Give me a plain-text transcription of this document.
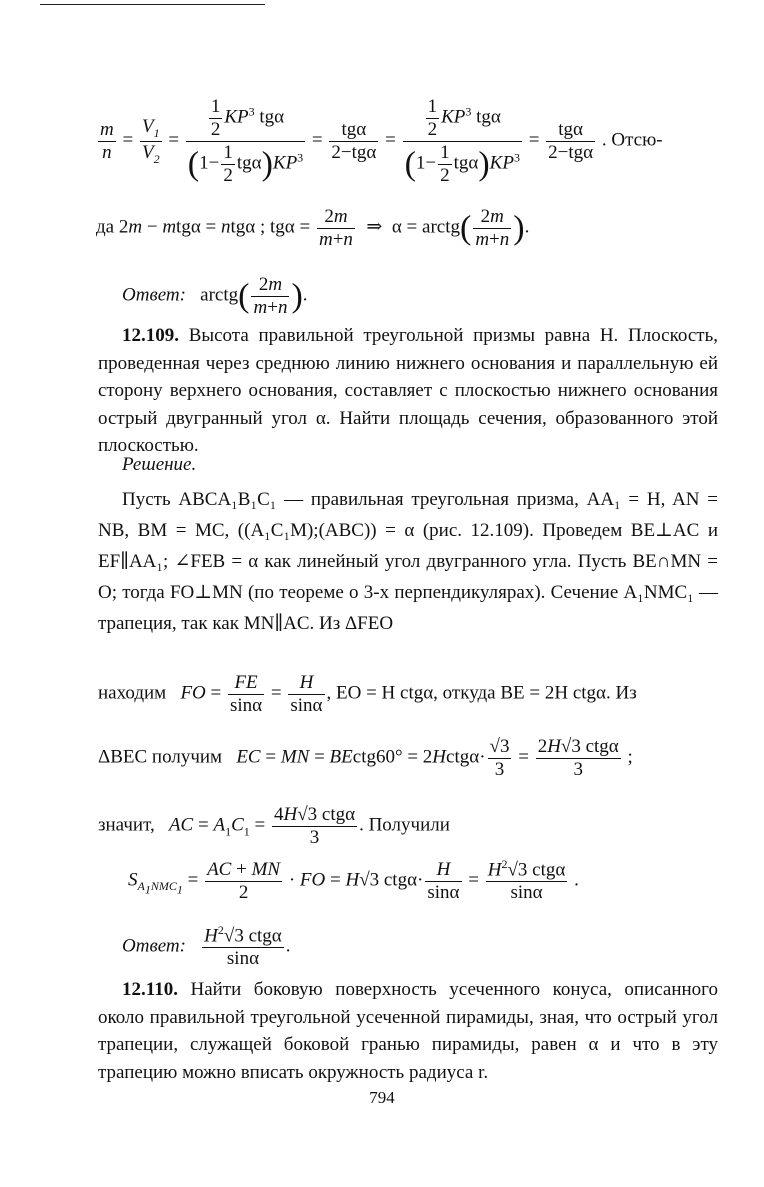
$\frac{m}{n} = \frac{V_1}{V_2} = \frac{\frac{1}{2} KP^3 tg\alpha}{(1- \frac{1}{2} tg\alpha)KP^3} = \frac{\text{tgα}}{\text{2−tgα}} = \frac{\frac{1}{2} KP^3 tg\alpha}{(1- \frac{1}{2} tg\alpha)KP^3} = \frac{\text{tgα}}{\text{2−tgα}}$ . Отсю-
да 2m − mtgα = ntgα ; $tg\alpha = \frac{2m}{m+n}$ ⇒  α = arctg( $\frac{2m}{m+n}$ ).
Ответ:   arctg( $\frac{2m}{m+n}$ ).
12.109. Высота правильной треугольной призмы равна H. Плоскость, проведенная через среднюю линию нижнего основания и параллельную ей сторону верхнего основания, составляет с плоскостью нижнего основания острый двугранный угол α. Найти площадь сечения, образованного этой плоскостью.
Решение.
Пусть ABCA₁B₁C₁ — правильная треугольная призма, AA₁ = H, AN = NB, BM = MC, ((A₁C₁M);(ABC)) = α (рис. 12.109). Проведем BE⊥AC и EF∥AA₁; ∠FEB = α как линейный угол двугранного угла. Пусть BE∩MN = O; тогда FO⊥MN (по теореме о 3-х перпендикулярах). Сечение A₁NMC₁ — трапеция, так как MN∥AC. Из ΔFEO
находим FO = $\frac{FE}{\sin\alpha} = \frac{H}{\sin\alpha}$ , EO = H ctgα, откуда BE = 2H ctgα. Из
ΔBEC получим EC = MN = BEctg60° = 2Hctgα· $\frac{√3}{3} = \frac{\text{2H√3 ctgα}}{3}$ ;
значит, AC = $A_1C_1 = \frac{\text{4H√3 ctgα}}{3}$ . Получили
$S_{A_1NMC_1} = \frac{AC + MN}{2}$ · FO = H√3 $ctg\alpha\cdot \frac{H}{\sin\alpha} = \frac{H^2√3 ctg\alpha}{\sin\alpha}$ .
Ответ: $\frac{H^2√3 ctg\alpha}{\sin\alpha}$ .
12.110. Найти боковую поверхность усеченного конуса, описанного около правильной треугольной усеченной пирамиды, зная, что острый угол трапеции, служащей боковой гранью пирамиды, равен α и что в эту трапецию можно вписать окружность радиуса r.
794
